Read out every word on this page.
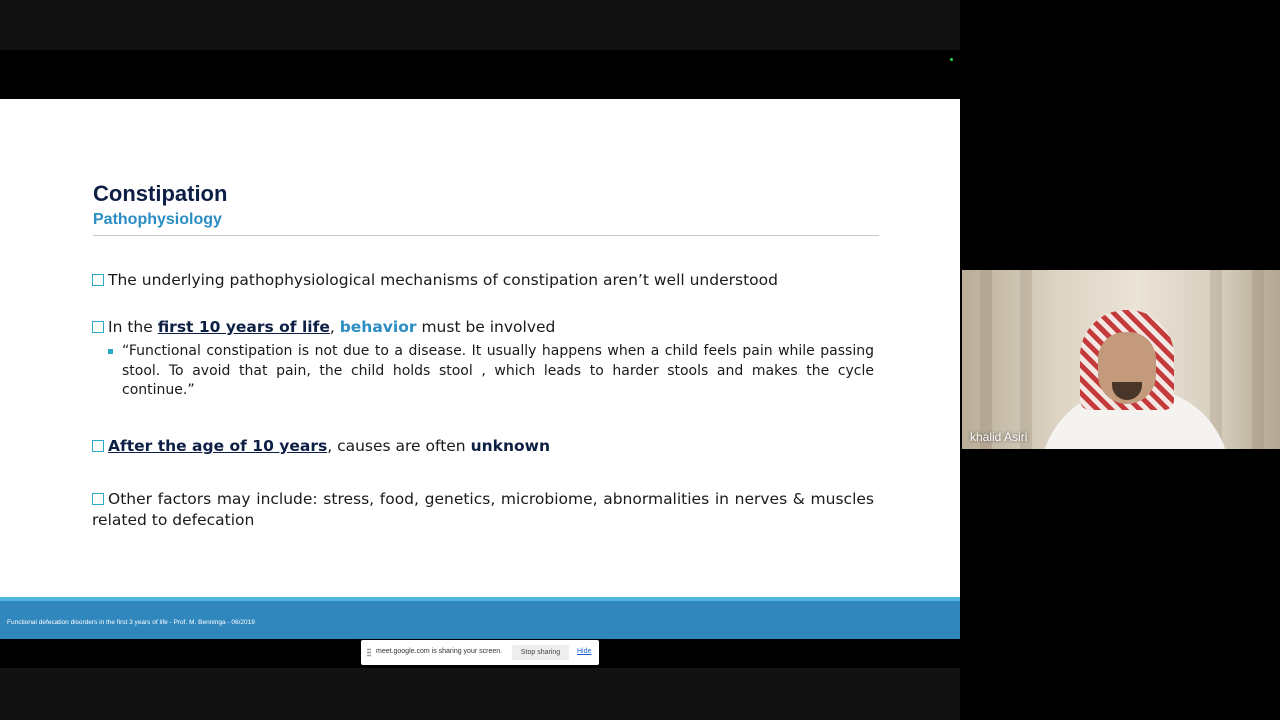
Constipation
Pathophysiology
The underlying pathophysiological mechanisms of constipation aren’t well understood
In the first 10 years of life, behavior must be involved
“Functional constipation is not due to a disease. It usually happens when a child feels pain while passing stool. To avoid that pain, the child holds stool , which leads to harder stools and makes the cycle continue.”
After the age of 10 years, causes are often unknown
Other factors may include: stress, food, genetics, microbiome, abnormalities in nerves & muscles related to defecation
Functional defecation disorders in the first 3 years of life - Prof. M. Benninga - 06/2019
khalid Asiri
meet.google.com is sharing your screen.	Stop sharing	Hide
